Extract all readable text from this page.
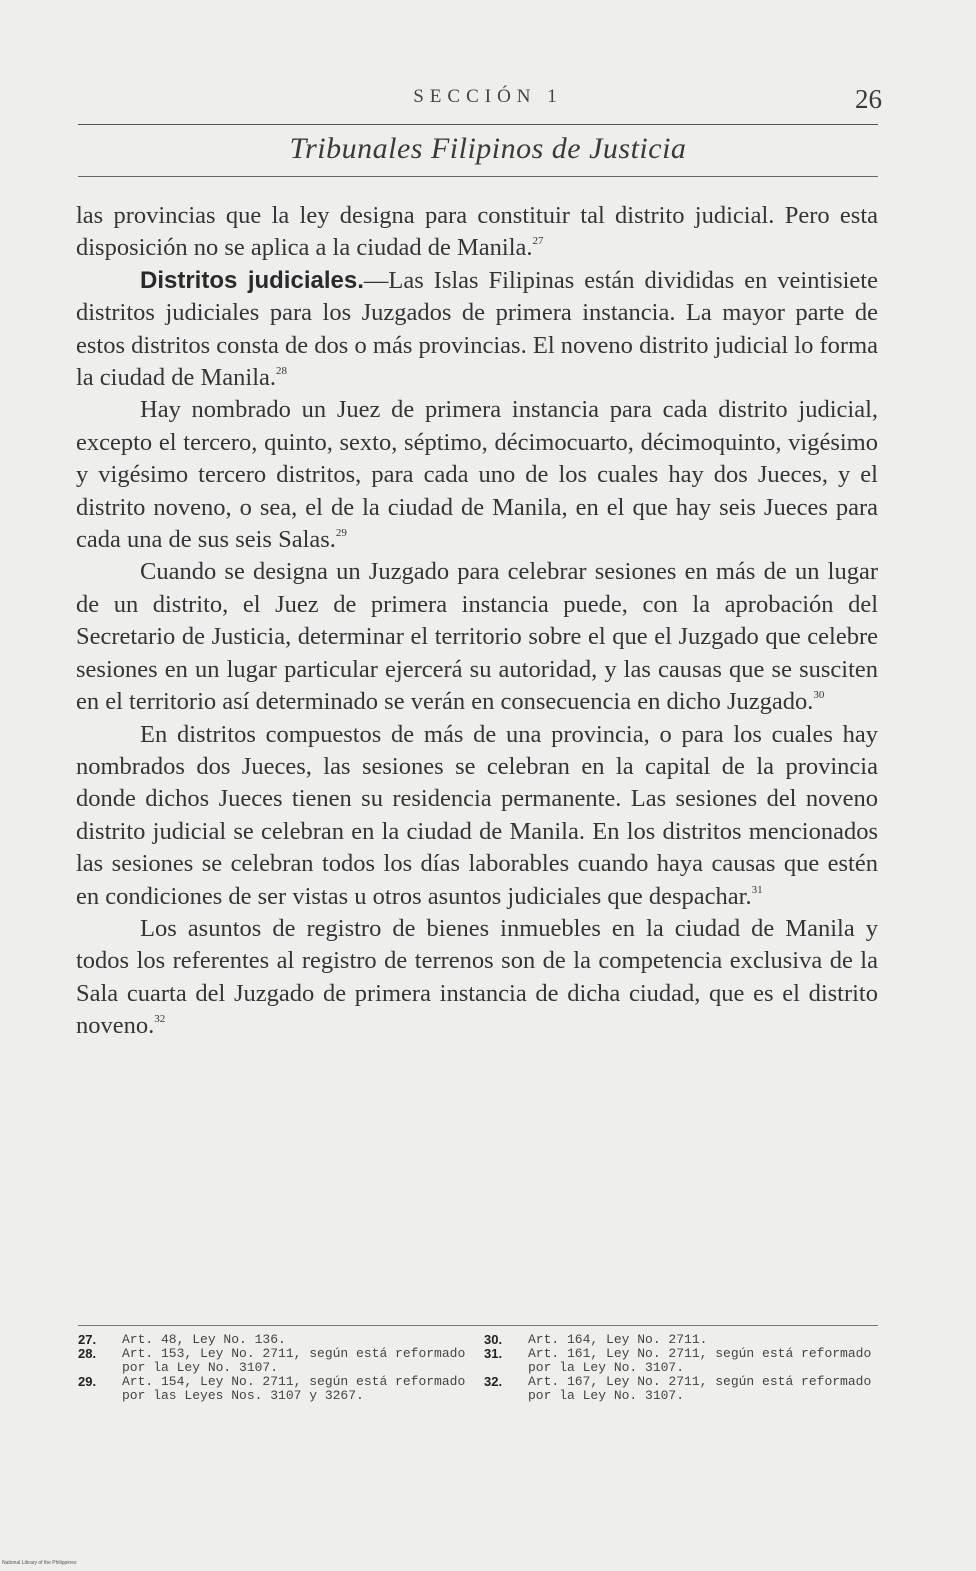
SECCIÓN 1	26
Tribunales Filipinos de Justicia

las provincias que la ley designa para constituir tal distrito judicial. Pero esta disposición no se aplica a la ciudad de Manila.$^{27}$

Distritos judiciales.—Las Islas Filipinas están divididas en veintisiete distritos judiciales para los Juzgados de primera instancia. La mayor parte de estos distritos consta de dos o más provincias. El noveno distrito judicial lo forma la ciudad de Manila.$^{28}$

Hay nombrado un Juez de primera instancia para cada distrito judicial, excepto el tercero, quinto, sexto, séptimo, décimocuarto, décimoquinto, vigésimo y vigésimo tercero distritos, para cada uno de los cuales hay dos Jueces, y el distrito noveno, o sea, el de la ciudad de Manila, en el que hay seis Jueces para cada una de sus seis Salas.$^{29}$

Cuando se designa un Juzgado para celebrar sesiones en más de un lugar de un distrito, el Juez de primera instancia puede, con la aprobación del Secretario de Justicia, determinar el territorio sobre el que el Juzgado que celebre sesiones en un lugar particular ejercerá su autoridad, y las causas que se susciten en el territorio así determinado se verán en consecuencia en dicho Juzgado.$^{30}$

En distritos compuestos de más de una provincia, o para los cuales hay nombrados dos Jueces, las sesiones se celebran en la capital de la provincia donde dichos Jueces tienen su residencia permanente. Las sesiones del noveno distrito judicial se celebran en la ciudad de Manila. En los distritos mencionados las sesiones se celebran todos los días laborables cuando haya causas que estén en condiciones de ser vistas u otros asuntos judiciales que despachar.$^{31}$

Los asuntos de registro de bienes inmuebles en la ciudad de Manila y todos los referentes al registro de terrenos son de la competencia exclusiva de la Sala cuarta del Juzgado de primera instancia de dicha ciudad, que es el distrito noveno.$^{32}$

27. Art. 48, Ley No. 136.
28. Art. 153, Ley No. 2711, según está reformado por la Ley No. 3107.
29. Art. 154, Ley No. 2711, según está reformado por las Leyes Nos. 3107 y 3267.
30. Art. 164, Ley No. 2711.
31. Art. 161, Ley No. 2711, según está reformado por la Ley No. 3107.
32. Art. 167, Ley No. 2711, según está reformado por la Ley No. 3107.
National Library of the Philippines
